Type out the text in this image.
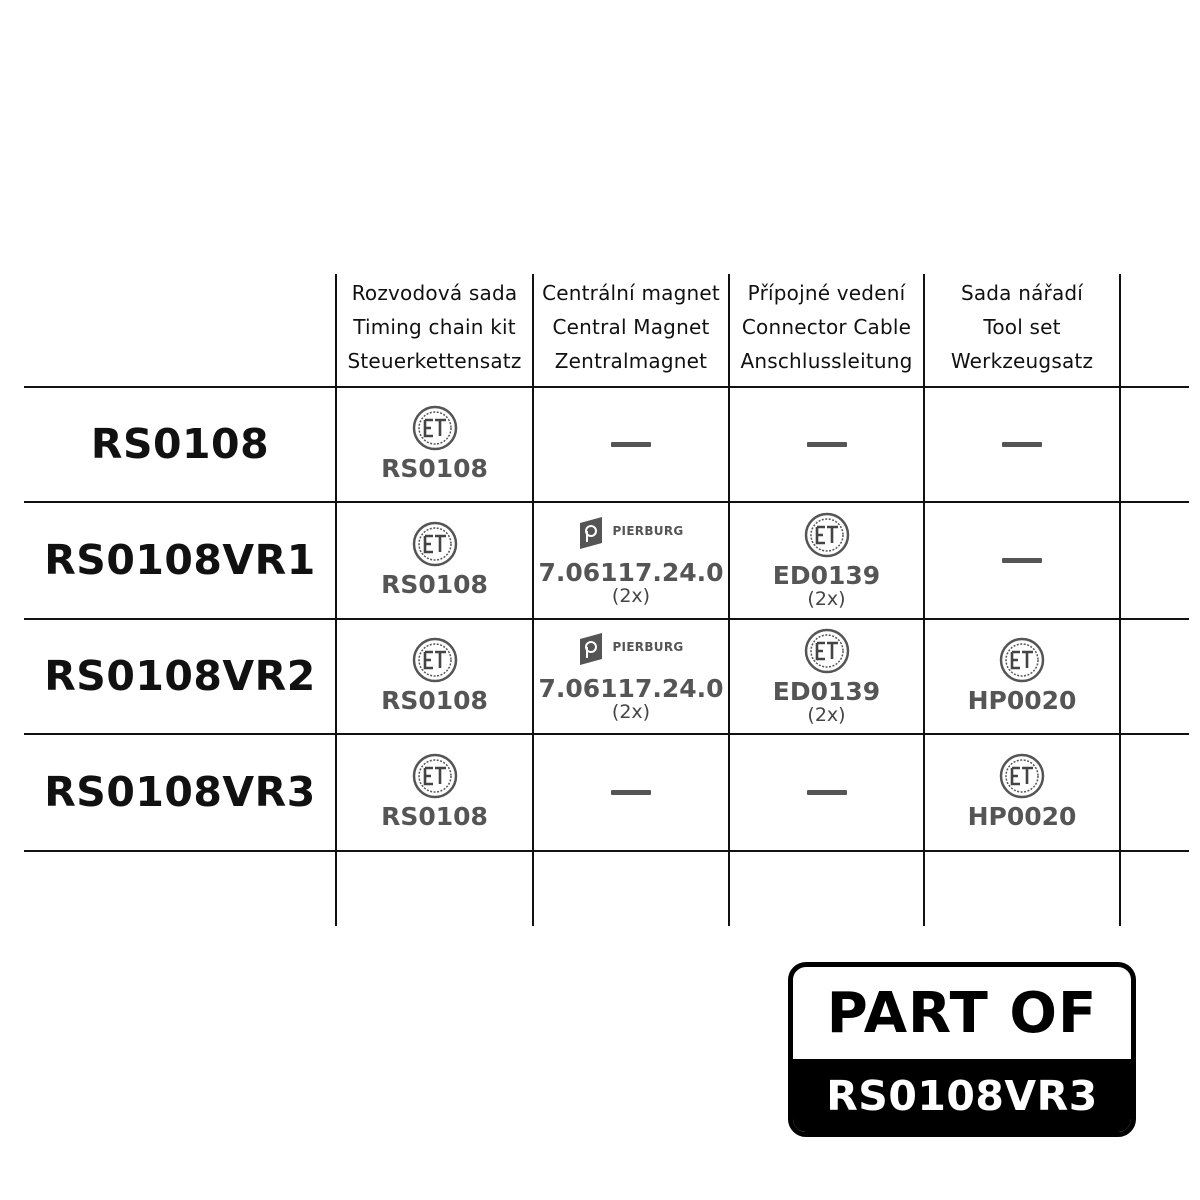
Rozvodová sada
Timing chain kit
Steuerkettensatz
Centrální magnet
Central Magnet
Zentralmagnet
Přípojné vedení
Connector Cable
Anschlussleitung
Sada nářadí
Tool set
Werkzeugsatz
RS0108
RS0108VR1
RS0108VR2
RS0108VR3
RS0108
RS0108
PIERBURG
7.06117.24.0
(2x)
ED0139
(2x)
RS0108
PIERBURG
7.06117.24.0
(2x)
ED0139
(2x)	HP0020
RS0108	HP0020
PART OF
RS0108VR3
